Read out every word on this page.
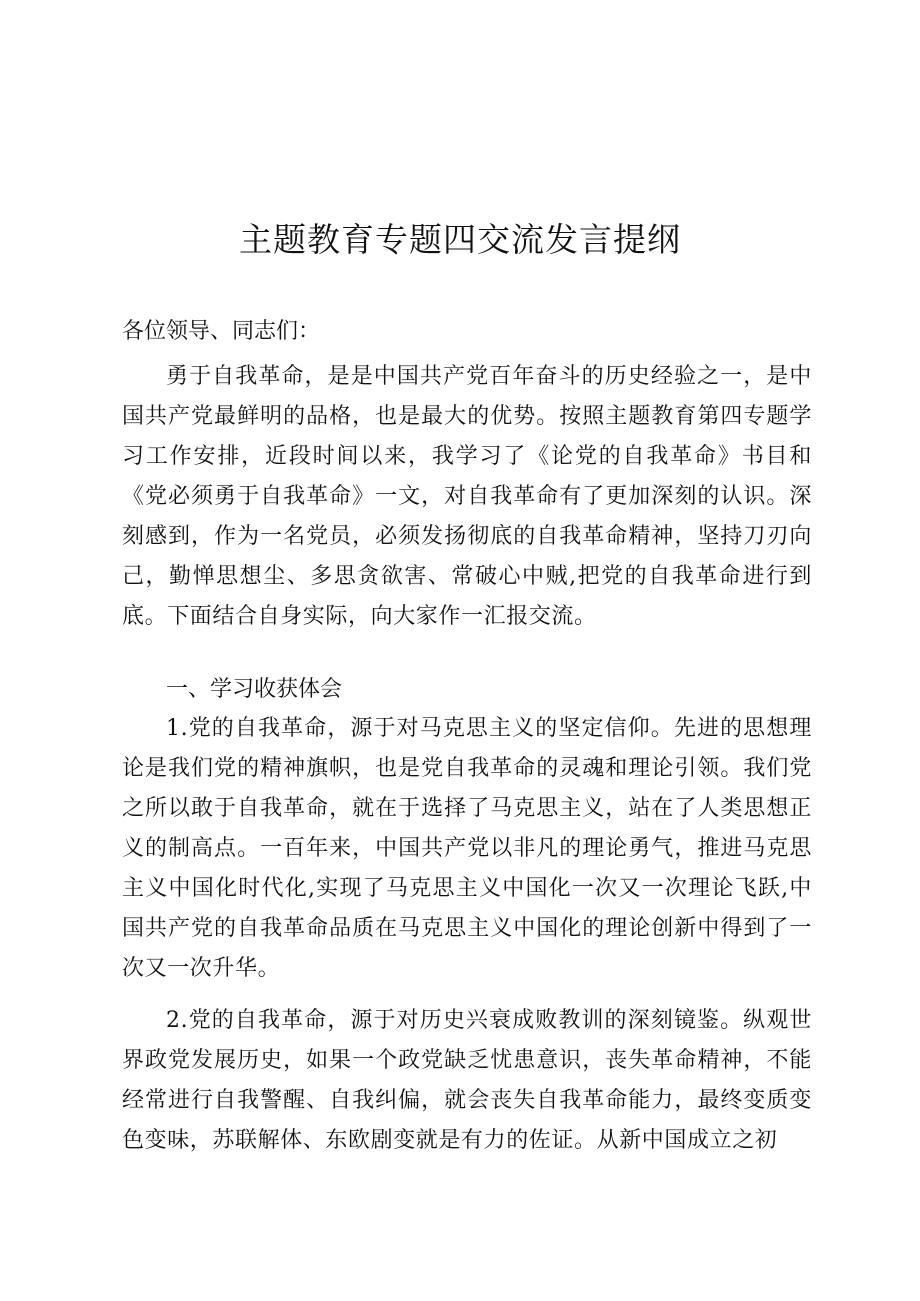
主题教育专题四交流发言提纲
各位领导、同志们：

勇于自我革命，是是中国共产党百年奋斗的历史经验之一，是中国共产党最鲜明的品格，也是最大的优势。按照主题教育第四专题学习工作安排，近段时间以来，我学习了《论党的自我革命》书目和《党必须勇于自我革命》一文，对自我革命有了更加深刻的认识。深刻感到，作为一名党员，必须发扬彻底的自我革命精神，坚持刀刃向己，勤惮思想尘、多思贪欲害、常破心中贼,把党的自我革命进行到底。下面结合自身实际，向大家作一汇报交流。

一、学习收获体会

1.党的自我革命，源于对马克思主义的坚定信仰。先进的思想理论是我们党的精神旗帜，也是党自我革命的灵魂和理论引领。我们党之所以敢于自我革命，就在于选择了马克思主义，站在了人类思想正义的制高点。一百年来，中国共产党以非凡的理论勇气，推进马克思主义中国化时代化,实现了马克思主义中国化一次又一次理论飞跃,中国共产党的自我革命品质在马克思主义中国化的理论创新中得到了一次又一次升华。

2.党的自我革命，源于对历史兴衰成败教训的深刻镜鉴。纵观世界政党发展历史，如果一个政党缺乏忧患意识，丧失革命精神，不能经常进行自我警醒、自我纠偏，就会丧失自我革命能力，最终变质变色变味，苏联解体、东欧剧变就是有力的佐证。从新中国成立之初
